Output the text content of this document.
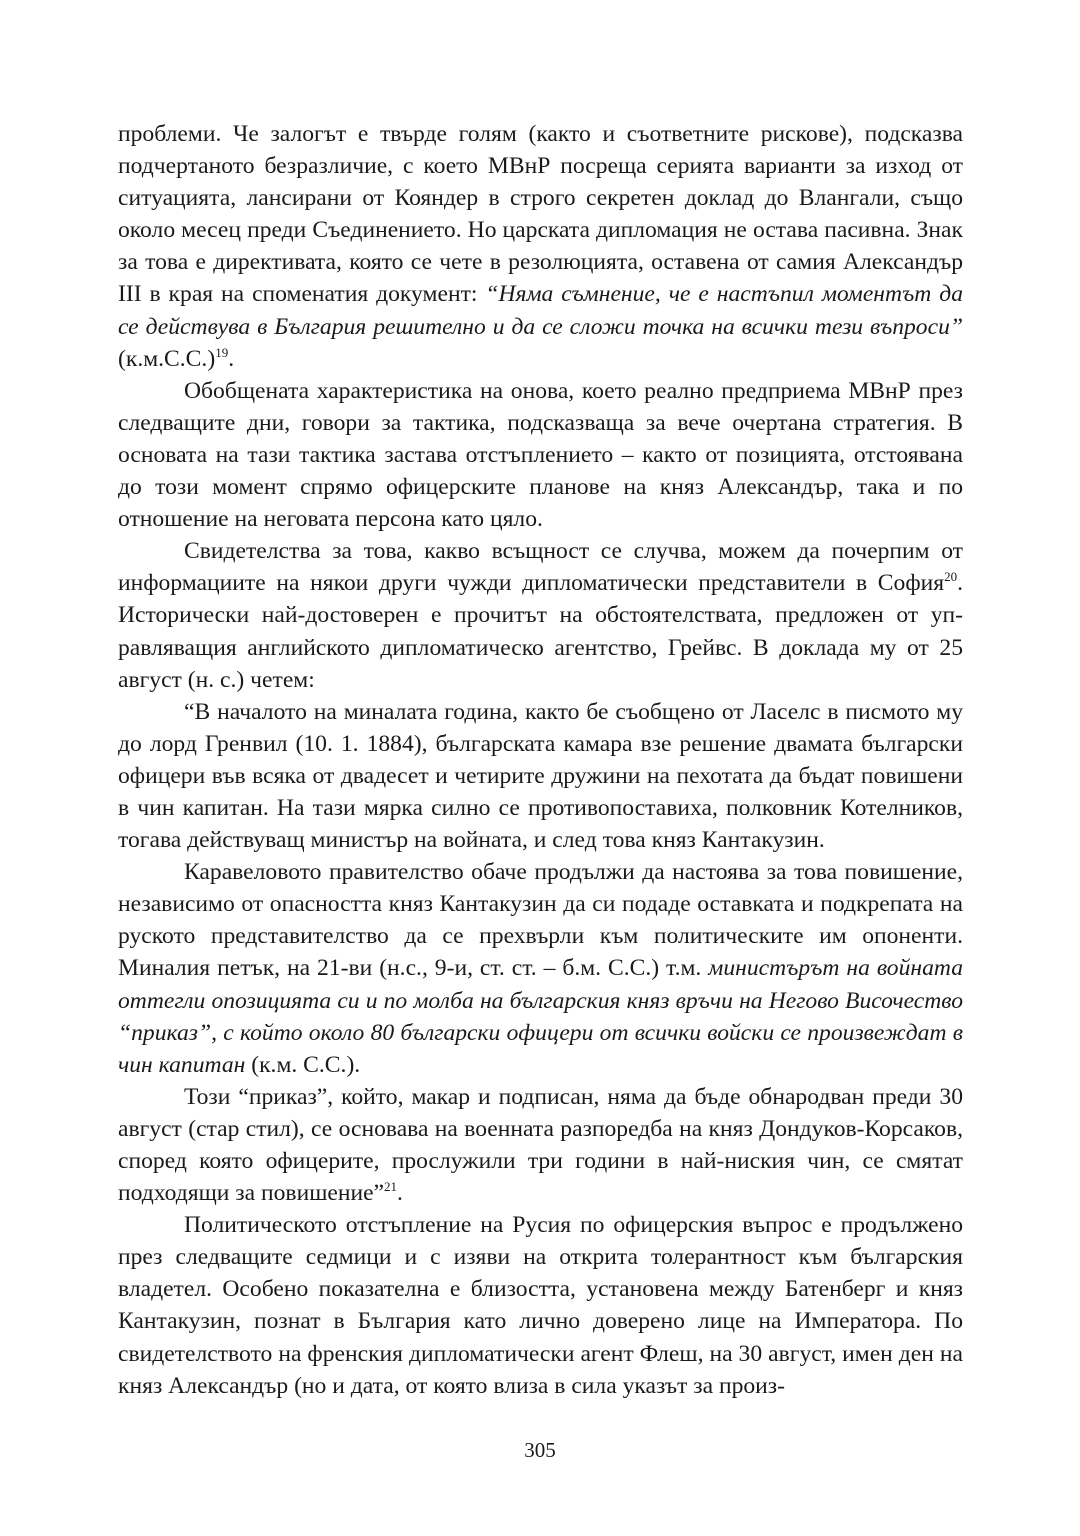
проблеми. Че залогът е твърде голям (както и съответните рискове), подсказва подчертаното безразличие, с което МВнР посреща серията варианти за изход от ситуацията, лансирани от Кояндер в строго секретен доклад до Влангали, също около месец преди Съединението. Но царската дипломация не остава пасивна. Знак за това е директивата, която се чете в резолюцията, оставена от самия Александър III в края на споменатия документ: “Няма съмнение, че е настъпил моментът да се действува в България решително и да се сложи точка на всички тези въпроси” $(к.м.С.С.)^{19}$.

Обобщената характеристика на онова, което реално предприема МВнР през следващите дни, говори за тактика, подсказваща за вече очертана стратегия. В основата на тази тактика застава отстъплението – както от позицията, отстоявана до този момент спрямо офицерските планове на княз Александър, така и по отношение на неговата персона като цяло.

Свидетелства за това, какво всъщност се случва, можем да почерпим от информациите на някои други чужди дипломатически представители в София$^{20}$. Исторически най-достоверен е прочитът на обстоятелствата, предложен от управляващия английското дипломатическо агентство, Грейвс. В доклада му от 25 август (н. с.) четем:

“В началото на миналата година, както бе съобщено от Ласелс в писмото му до лорд Гренвил (10. 1. 1884), българската камара взе решение двамата български офицери във всяка от двадесет и четирите дружини на пехотата да бъдат повишени в чин капитан. На тази мярка силно се противопоставиха, полковник Котелников, тогава действуващ министър на войната, и след това княз Кантакузин.

Каравеловото правителство обаче продължи да настоява за това повишение, независимо от опасността княз Кантакузин да си подаде оставката и подкрепата на руското представителство да се прехвърли към политическите им опоненти. Миналия петък, на 21-ви (н.с., 9-и, ст. ст. – б.м. С.С.) т.м. министърът на войната оттегли опозицията си и по молба на българския княз връчи на Негово Височество “приказ”, с който около 80 български офицери от всички войски се произвеждат в чин капитан (к.м. С.С.).

Този “приказ”, който, макар и подписан, няма да бъде обнародван преди 30 август (стар стил), се основава на военната разпоредба на княз Дондуков-Корсаков, според която офицерите, прослужили три години в най-ниския чин, се смятат подходящи за повишение”$^{21}$.

Политическото отстъпление на Русия по офицерския въпрос е продължено през следващите седмици и с изяви на открита толерантност към българския владетел. Особено показателна е близостта, установена между Батенберг и княз Кантакузин, познат в България като лично доверено лице на Императора. По свидетелството на френския дипломатически агент Флеш, на 30 август, имен ден на княз Александър (но и дата, от която влиза в сила указът за произ-

305
